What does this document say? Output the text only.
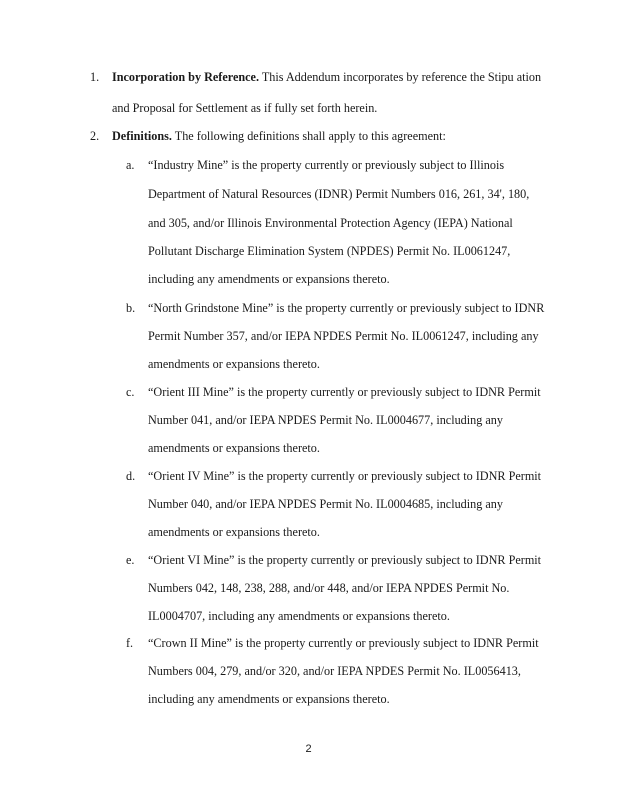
1. Incorporation by Reference. This Addendum incorporates by reference the Stipu ation
and Proposal for Settlement as if fully set forth herein.
2. Definitions. The following definitions shall apply to this agreement:
a. “Industry Mine” is the property currently or previously subject to Illinois
Department of Natural Resources (IDNR) Permit Numbers 016, 261, 34', 180,
and 305, and/or Illinois Environmental Protection Agency (IEPA) National
Pollutant Discharge Elimination System (NPDES) Permit No. IL0061247,
including any amendments or expansions thereto.
b. “North Grindstone Mine” is the property currently or previously subject to IDNR
Permit Number 357, and/or IEPA NPDES Permit No. IL0061247, including any
amendments or expansions thereto.
c. “Orient III Mine” is the property currently or previously subject to IDNR Permit
Number 041, and/or IEPA NPDES Permit No. IL0004677, including any
amendments or expansions thereto.
d. “Orient IV Mine” is the property currently or previously subject to IDNR Permit
Number 040, and/or IEPA NPDES Permit No. IL0004685, including any
amendments or expansions thereto.
e. “Orient VI Mine” is the property currently or previously subject to IDNR Permit
Numbers 042, 148, 238, 288, and/or 448, and/or IEPA NPDES Permit No.
IL0004707, including any amendments or expansions thereto.
f. “Crown II Mine” is the property currently or previously subject to IDNR Permit
Numbers 004, 279, and/or 320, and/or IEPA NPDES Permit No. IL0056413,
including any amendments or expansions thereto.
2
